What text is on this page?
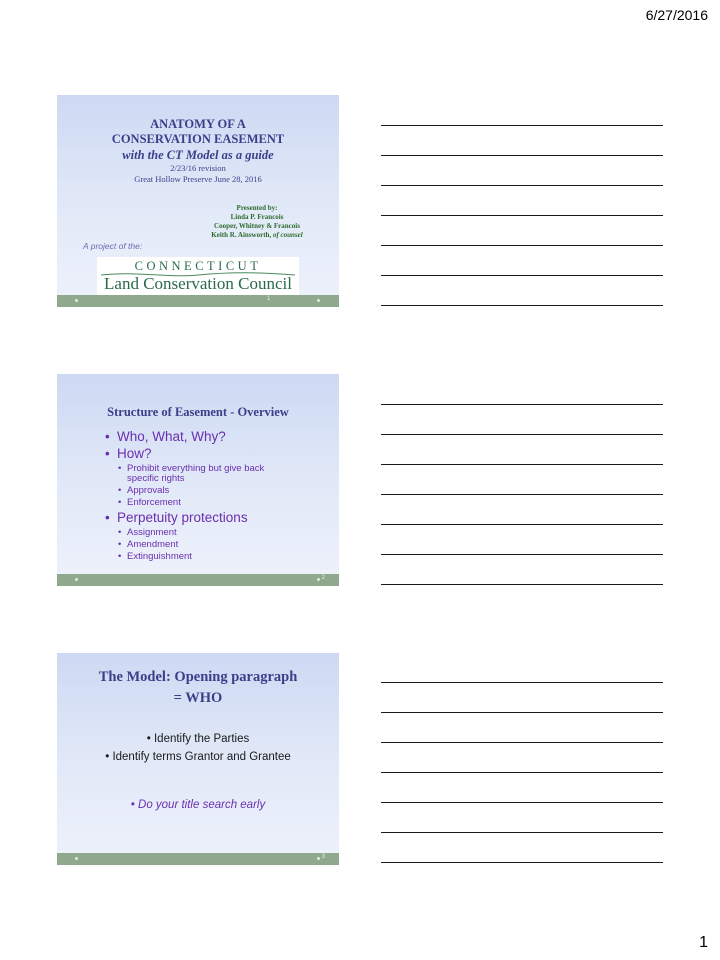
6/27/2016
ANATOMY OF A
CONSERVATION EASEMENT
with the CT Model as a guide
2/23/16 revision
Great Hollow Preserve June 28, 2016
Presented by:
Linda P. Francois
Cooper, Whitney & Francois
Keith R. Ainsworth, of counsel
A project of the:
CONNECTICUT
Land Conservation Council
1
Structure of Easement - Overview
• Who, What, Why?
• How?
• Prohibit everything but give back specific rights
• Approvals
• Enforcement
• Perpetuity protections
• Assignment
• Amendment
• Extinguishment
2
The Model: Opening paragraph
= WHO
• Identify the Parties
• Identify terms Grantor and Grantee
• Do your title search early
3
1
